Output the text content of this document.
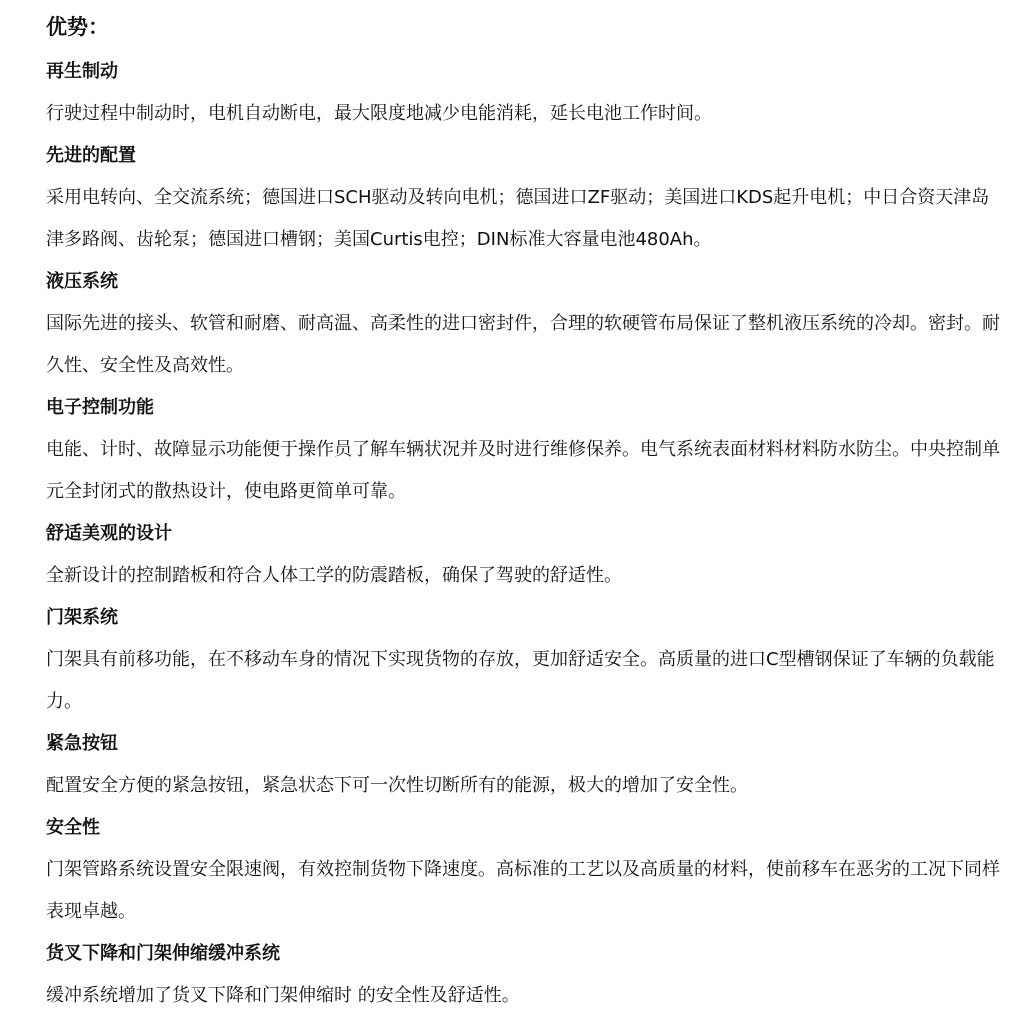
优势：
再生制动
行驶过程中制动时，电机自动断电，最大限度地减少电能消耗，延长电池工作时间。
先进的配置
采用电转向、全交流系统；德国进口SCH驱动及转向电机；德国进口ZF驱动；美国进口KDS起升电机；中日合资天津岛津多路阀、齿轮泵；德国进口槽钢；美国Curtis电控；DIN标准大容量电池480Ah。
液压系统
国际先进的接头、软管和耐磨、耐高温、高柔性的进口密封件，合理的软硬管布局保证了整机液压系统的冷却。密封。耐久性、安全性及高效性。
电子控制功能
电能、计时、故障显示功能便于操作员了解车辆状况并及时进行维修保养。电气系统表面材料材料防水防尘。中央控制单元全封闭式的散热设计，使电路更简单可靠。
舒适美观的设计
全新设计的控制踏板和符合人体工学的防震踏板，确保了驾驶的舒适性。
门架系统
门架具有前移功能，在不移动车身的情况下实现货物的存放，更加舒适安全。高质量的进口C型槽钢保证了车辆的负载能力。
紧急按钮
配置安全方便的紧急按钮，紧急状态下可一次性切断所有的能源，极大的增加了安全性。
安全性
门架管路系统设置安全限速阀，有效控制货物下降速度。高标准的工艺以及高质量的材料，使前移车在恶劣的工况下同样表现卓越。
货叉下降和门架伸缩缓冲系统
缓冲系统增加了货叉下降和门架伸缩时 的安全性及舒适性。
